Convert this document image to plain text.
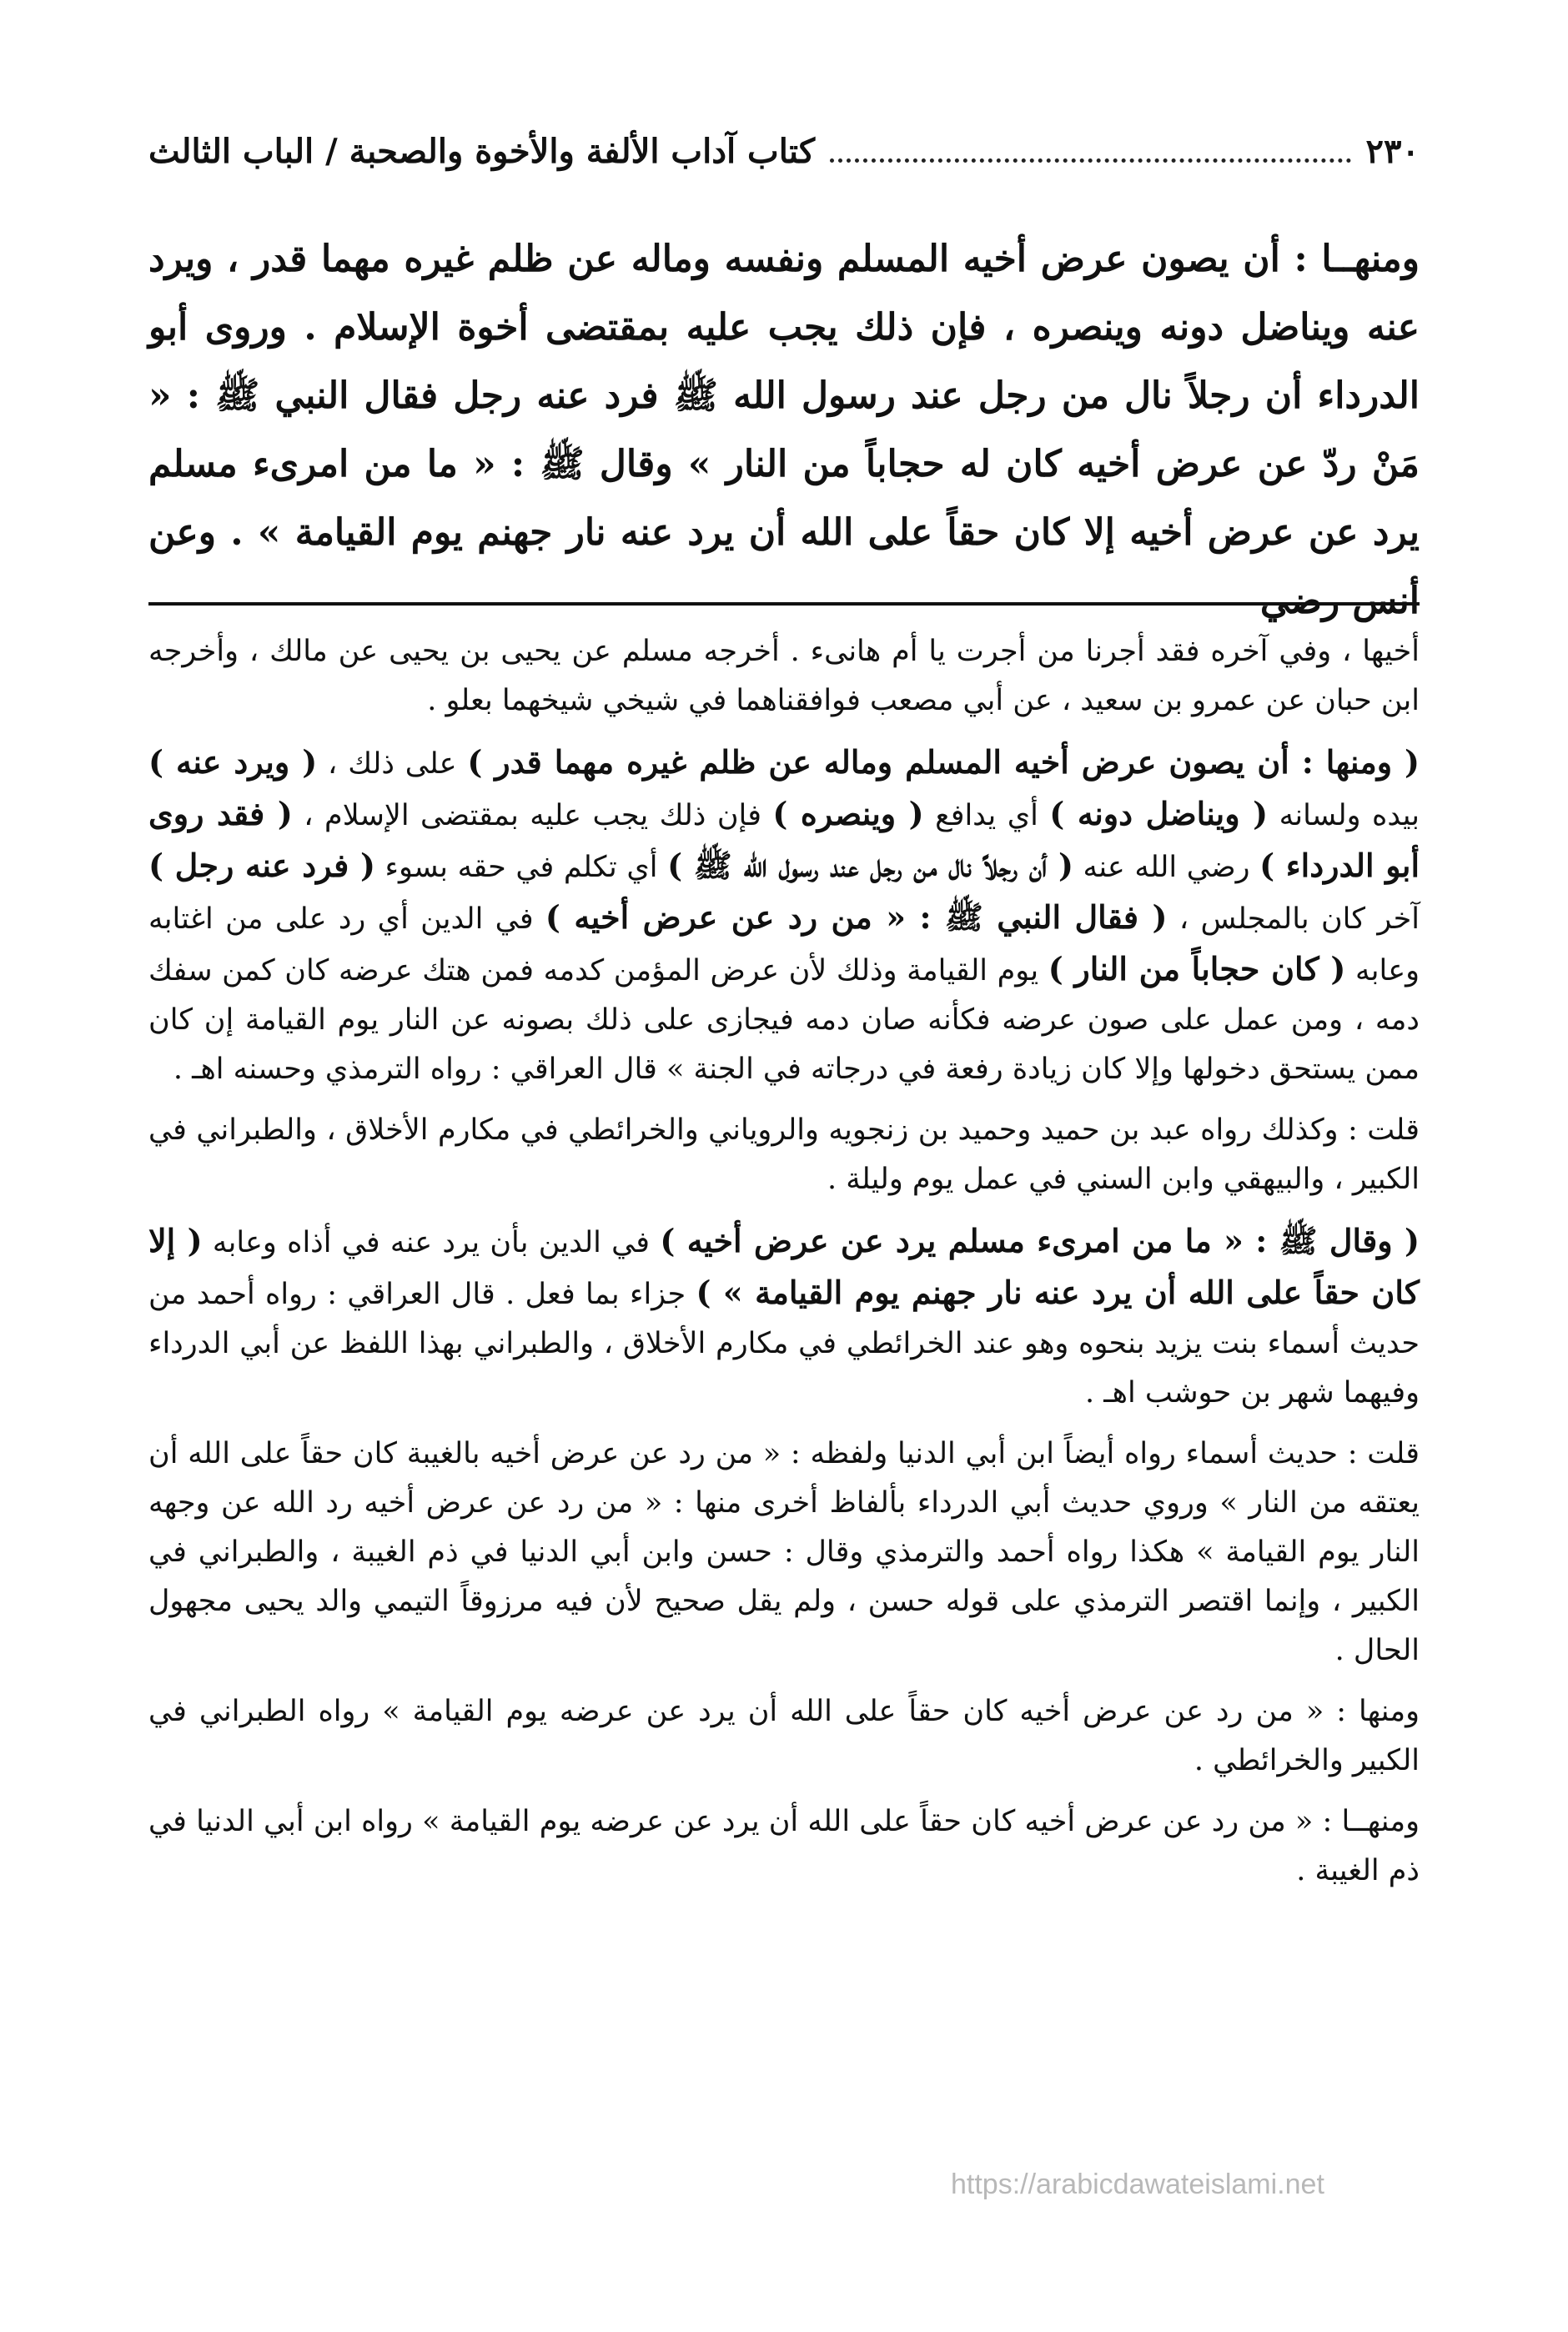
٢٣٠
كتاب آداب الألفة والأخوة والصحبة / الباب الثالث

ومنهــا : أن يصون عرض أخيه المسلم ونفسه وماله عن ظلم غيره مهما قدر ، ويرد عنه ويناضل دونه وينصره ، فإن ذلك يجب عليه بمقتضى أخوة الإسلام . وروى أبو الدرداء أن رجلاً نال من رجل عند رسول الله ﷺ فرد عنه رجل فقال النبي ﷺ : « مَنْ ردّ عن عرض أخيه كان له حجاباً من النار » وقال ﷺ : « ما من امرىء مسلم يرد عن عرض أخيه إلا كان حقاً على الله أن يرد عنه نار جهنم يوم القيامة » . وعن أنس رضي

أخيها ، وفي آخره فقد أجرنا من أجرت يا أم هانىء . أخرجه مسلم عن يحيى بن يحيى عن مالك ، وأخرجه ابن حبان عن عمرو بن سعيد ، عن أبي مصعب فوافقناهما في شيخي شيخهما بعلو .

( ومنها : أن يصون عرض أخيه المسلم وماله عن ظلم غيره مهما قدر ) على ذلك ، ( ويرد عنه ) بيده ولسانه ( ويناضل دونه ) أي يدافع ( وينصره ) فإن ذلك يجب عليه بمقتضى الإسلام ، ( فقد روى أبو الدرداء ) رضي الله عنه ( أن رجلاً نال من رجل عند رسول الله ﷺ ) أي تكلم في حقه بسوء ( فرد عنه رجل ) آخر كان بالمجلس ، ( فقال النبي ﷺ : « من رد عن عرض أخيه ) في الدين أي رد على من اغتابه وعابه ( كان حجاباً من النار ) يوم القيامة وذلك لأن عرض المؤمن كدمه فمن هتك عرضه كان كمن سفك دمه ، ومن عمل على صون عرضه فكأنه صان دمه فيجازى على ذلك بصونه عن النار يوم القيامة إن كان ممن يستحق دخولها وإلا كان زيادة رفعة في درجاته في الجنة » قال العراقي : رواه الترمذي وحسنه اهـ .

قلت : وكذلك رواه عبد بن حميد وحميد بن زنجويه والروياني والخرائطي في مكارم الأخلاق ، والطبراني في الكبير ، والبيهقي وابن السني في عمل يوم وليلة .

( وقال ﷺ : « ما من امرىء مسلم يرد عن عرض أخيه ) في الدين بأن يرد عنه في أذاه وعابه ( إلا كان حقاً على الله أن يرد عنه نار جهنم يوم القيامة » ) جزاء بما فعل . قال العراقي : رواه أحمد من حديث أسماء بنت يزيد بنحوه وهو عند الخرائطي في مكارم الأخلاق ، والطبراني بهذا اللفظ عن أبي الدرداء وفيهما شهر بن حوشب اهـ .

قلت : حديث أسماء رواه أيضاً ابن أبي الدنيا ولفظه : « من رد عن عرض أخيه بالغيبة كان حقاً على الله أن يعتقه من النار » وروي حديث أبي الدرداء بألفاظ أخرى منها : « من رد عن عرض أخيه رد الله عن وجهه النار يوم القيامة » هكذا رواه أحمد والترمذي وقال : حسن وابن أبي الدنيا في ذم الغيبة ، والطبراني في الكبير ، وإنما اقتصر الترمذي على قوله حسن ، ولم يقل صحيح لأن فيه مرزوقاً التيمي والد يحيى مجهول الحال .

ومنها : « من رد عن عرض أخيه كان حقاً على الله أن يرد عن عرضه يوم القيامة » رواه الطبراني في الكبير والخرائطي .

ومنهــا : « من رد عن عرض أخيه كان حقاً على الله أن يرد عن عرضه يوم القيامة » رواه ابن أبي الدنيا في ذم الغيبة .

https://arabicdawateislami.net
